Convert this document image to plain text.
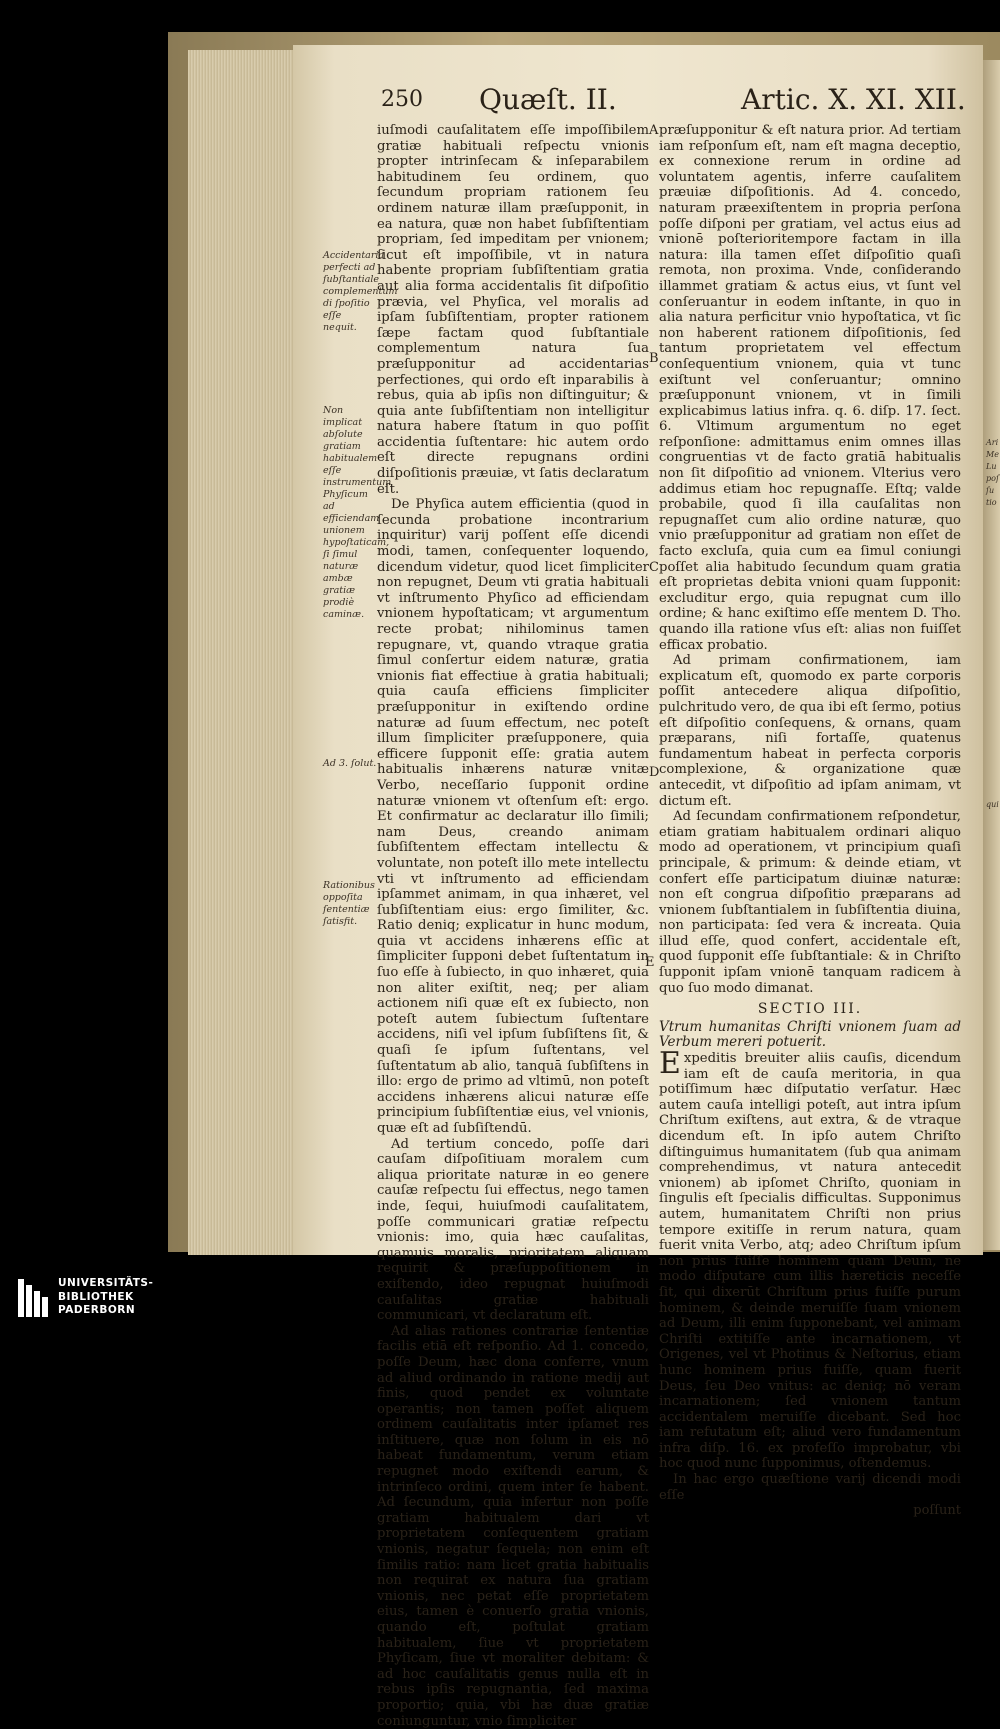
250 Quæſt. II.	Artic. X. XI. XII.
Accidentaria perfecti ad ſubſtantiale complementum di ſpoſitio eſſe nequit.
Non implicat abſolute gratiam habitualem eſſe instrumentum Phyſicum ad efficiendam unionem hypoſtaticam, ſi ſimul naturæ ambæ gratiæ prodiè caminæ.
Ad 3. ſolut.
Rationibus oppoſita ſententiæ ſatisfit.
A
B
C
D
E

iuſmodi cauſalitatem eſſe impoſſibilem gratiæ habituali reſpectu vnionis propter intrinſecam & inſeparabilem habitudinem ſeu ordinem, quo ſecundum propriam rationem ſeu ordinem naturæ illam præſupponit, in ea natura, quæ non habet ſubſiſtentiam propriam, ſed impeditam per vnionem; ſicut eſt impoſſibile, vt in natura habente propriam ſubſiſtentiam gratia aut alia forma accidentalis ſit diſpoſitio prævia, vel Phyſica, vel moralis ad ipſam ſubſiſtentiam, propter rationem ſæpe factam quod ſubſtantiale complementum natura ſua præſupponitur ad accidentarias perfectiones, qui ordo eſt inparabilis à rebus, quia ab ipſis non diſtinguitur; & quia ante ſubſiſtentiam non intelligitur natura habere ſtatum in quo poſſit accidentia ſuſtentare: hic autem ordo eſt directe repugnans ordini diſpoſitionis præuiæ, vt ſatis declaratum eſt.

De Phyſica autem efficientia (quod in ſecunda probatione incontrarium inquiritur) varij poſſent eſſe dicendi modi, tamen, conſequenter loquendo, dicendum videtur, quod licet ſimpliciter non repugnet, Deum vti gratia habituali vt inſtrumento Phyſico ad efficiendam vnionem hypoſtaticam; vt argumentum recte probat; nihilominus tamen repugnare, vt, quando vtraque gratia ſimul conſertur eidem naturæ, gratia vnionis fiat effectiue à gratia habituali; quia cauſa efficiens ſimpliciter præſupponitur in exiſtendo ordine naturæ ad ſuum effectum, nec poteſt illum ſimpliciter præſupponere, quia efficere ſupponit eſſe: gratia autem habitualis inhærens naturæ vnitæ Verbo, neceſſario ſupponit ordine naturæ vnionem vt oſtenſum eſt: ergo. Et confirmatur ac declaratur illo ſimili; nam Deus, creando animam ſubſiſtentem effectam intellectu & voluntate, non poteſt illo mete intellectu vti vt inſtrumento ad efficiendam ipſammet animam, in qua inhæret, vel ſubſiſtentiam eius: ergo ſimiliter, &c. Ratio deniq; explicatur in hunc modum, quia vt accidens inhærens eſſic at ſimpliciter ſupponi debet ſuſtentatum in ſuo eſſe à ſubiecto, in quo inhæret, quia non aliter exiſtit, neq; per aliam actionem niſi quæ eſt ex ſubiecto, non poteſt autem ſubiectum ſuſtentare accidens, niſi vel ipſum ſubſiſtens ſit, & quaſi ſe ipſum ſuſtentans, vel ſuſtentatum ab alio, tanquā ſubſiſtens in illo: ergo de primo ad vltimū, non poteſt accidens inhærens alicui naturæ eſſe principium ſubſiſtentiæ eius, vel vnionis, quæ eſt ad ſubſiſtendū.

Ad tertium concedo, poſſe dari cauſam diſpoſitiuam moralem cum aliqua prioritate naturæ in eo genere cauſæ reſpectu ſui effectus, nego tamen inde, ſequi, huiuſmodi cauſalitatem, poſſe communicari gratiæ reſpectu vnionis: imo, quia hæc cauſalitas, quamuis moralis, prioritatem aliquam requirit & præſuppoſitionem in exiſtendo, ideo repugnat huiuſmodi cauſalitas gratiæ habituali communicari, vt declaratum eſt.

Ad alias rationes contrariæ ſententiæ facilis etiā eſt reſponſio. Ad 1. concedo, poſſe Deum, hæc dona conferre, vnum ad aliud ordinando in ratione medij aut finis, quod pendet ex voluntate operantis; non tamen poſſet aliquem ordinem cauſalitatis inter ipſamet res inſtituere, quæ non ſolum in eis nō habeat fundamentum, verum etiam repugnet modo exiſtendi earum, & intrinſeco ordini, quem inter ſe habent. Ad ſecundum, quia infertur non poſſe gratiam habitualem dari vt proprietatem conſequentem gratiam vnionis, negatur ſequela; non enim eſt ſimilis ratio: nam licet gratia habitualis non requirat ex natura ſua gratiam vnionis, nec petat eſſe proprietatem eius, tamen è conuerſo gratia vnionis, quando eſt, poſtulat gratiam habitualem, ſiue vt proprietatem Phyſicam, ſiue vt moraliter debitam: & ad hoc cauſalitatis genus nulla eſt in rebus ipſis repugnantia, ſed maxima proportio; quia, vbi hæ duæ gratiæ coniunguntur, vnio ſimpliciter

præſupponitur & eſt natura prior. Ad tertiam iam reſponſum eſt, nam eſt magna deceptio, ex connexione rerum in ordine ad voluntatem agentis, inferre cauſalitem præuiæ diſpoſitionis. Ad 4. concedo, naturam præexiſtentem in propria perſona poſſe diſponi per gratiam, vel actus eius ad vnionē poſterioritempore factam in illa natura: illa tamen eſſet diſpoſitio quaſi remota, non proxima. Vnde, conſiderando illammet gratiam & actus eius, vt ſunt vel conſeruantur in eodem inſtante, in quo in alia natura perficitur vnio hypoſtatica, vt ſic non haberent rationem diſpoſitionis, ſed tantum proprietatem vel effectum conſequentium vnionem, quia vt tunc exiſtunt vel conſeruantur; omnino præſupponunt vnionem, vt in ſimili explicabimus latius infra. q. 6. diſp. 17. ſect. 6. Vltimum argumentum no eget reſponſione: admittamus enim omnes illas congruentias vt de facto gratiā habitualis non ſit diſpoſitio ad vnionem. Vlterius vero addimus etiam hoc repugnaſſe. Eſtq; valde probabile, quod ſi illa cauſalitas non repugnaſſet cum alio ordine naturæ, quo vnio præſupponitur ad gratiam non eſſet de facto excluſa, quia cum ea ſimul coniungi poſſet alia habitudo ſecundum quam gratia eſt proprietas debita vnioni quam ſupponit: excluditur ergo, quia repugnat cum illo ordine; & hanc exiſtimo eſſe mentem D. Tho. quando illa ratione vſus eſt: alias non fuiſſet efficax probatio.

Ad primam confirmationem, iam explicatum eſt, quomodo ex parte corporis poſſit antecedere aliqua diſpoſitio, pulchritudo vero, de qua ibi eſt ſermo, potius eſt diſpoſitio conſequens, & ornans, quam præparans, niſi fortaſſe, quatenus fundamentum habeat in perfecta corporis complexione, & organizatione quæ antecedit, vt diſpoſitio ad ipſam animam, vt dictum eſt.

Ad ſecundam confirmationem reſpondetur, etiam gratiam habitualem ordinari aliquo modo ad operationem, vt principium quaſi principale, & primum: & deinde etiam, vt confert eſſe participatum diuinæ naturæ: non eſt congrua diſpoſitio præparans ad vnionem ſubſtantialem in ſubſiſtentia diuina, non participata: ſed vera & increata. Quia illud eſſe, quod confert, accidentale eſt, quod ſupponit eſſe ſubſtantiale: & in Chriſto ſupponit ipſam vnionē tanquam radicem à quo ſuo modo dimanat.

SECTIO III.

Vtrum humanitas Chriſti vnionem ſuam ad Verbum mereri potuerit.

Expeditis breuiter aliis cauſis, dicendum iam eſt de cauſa meritoria, in qua potiſſimum hæc diſputatio verſatur. Hæc autem cauſa intelligi poteſt, aut intra ipſum Chriſtum exiſtens, aut extra, & de vtraque dicendum eſt. In ipſo autem Chriſto diſtinguimus humanitatem (ſub qua animam comprehendimus, vt natura antecedit vnionem) ab ipſomet Chriſto, quoniam in ſingulis eſt ſpecialis difficultas. Supponimus autem, humanitatem Chriſti non prius tempore exitiſſe in rerum natura, quam fuerit vnita Verbo, atq; adeo Chriſtum ipſum non prius fuiſſe hominem quam Deum, ne modo diſputare cum illis hæreticis neceſſe ſit, qui dixerūt Chriſtum prius fuiſſe purum hominem, & deinde meruiſſe ſuam vnionem ad Deum, illi enim ſupponebant, vel animam Chriſti extitiſſe ante incarnationem, vt Origenes, vel vt Photinus & Neſtorius, etiam hunc hominem prius fuiſſe, quam fuerit Deus, ſeu Deo vnitus: ac deniq; nō veram incarnationem; ſed vnionem tantum accidentalem meruiſſe dicebant. Sed hoc iam refutatum eſt; aliud vero fundamentum infra diſp. 16. ex profeſſo improbatur, vbi hoc quod nunc ſupponimus, oſtendemus.

In hac ergo quæſtione varij dicendi modi eſſe

poſſunt
Ari
Me
Lu
poſ
ſu
tio
qui
UNIVERSITÄTS-
BIBLIOTHEK
PADERBORN
